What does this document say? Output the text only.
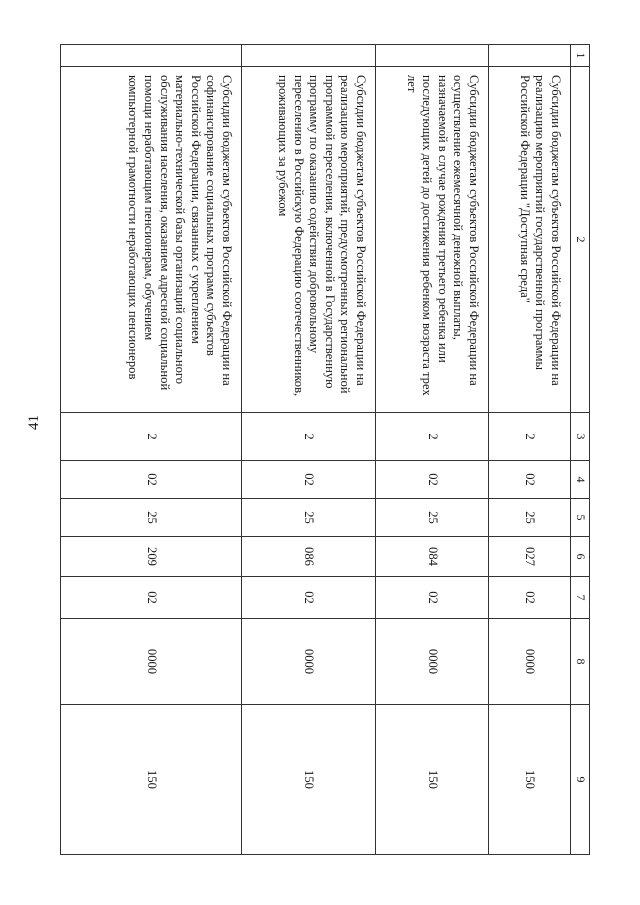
41
1	2	3	4	5	6	7	8	9
	Субсидии бюджетам субъектов Российской Федерации на реализацию мероприятий государственной программы Российской Федерации "Доступная среда"	2	02	25	027	02	0000	150
	Субсидии бюджетам субъектов Российской Федерации на осуществление ежемесячной денежной выплаты, назначаемой в случае рождения третьего ребенка или последующих детей до достижения ребенком возраста трех лет	2	02	25	084	02	0000	150
	Субсидии бюджетам субъектов Российской Федерации на реализацию мероприятий, предусмотренных региональной программой переселения, включенной в Государственную программу по оказанию содействия добровольному переселению в Российскую Федерацию соотечественников, проживающих за рубежом	2	02	25	086	02	0000	150
	Субсидии бюджетам субъектов Российской Федерации на софинансирование социальных программ субъектов Российской Федерации, связанных с укреплением материально-технической базы организаций социального обслуживания населения, оказанием адресной социальной помощи неработающим пенсионерам, обучением компьютерной грамотности неработающих пенсионеров	2	02	25	209	02	0000	150
